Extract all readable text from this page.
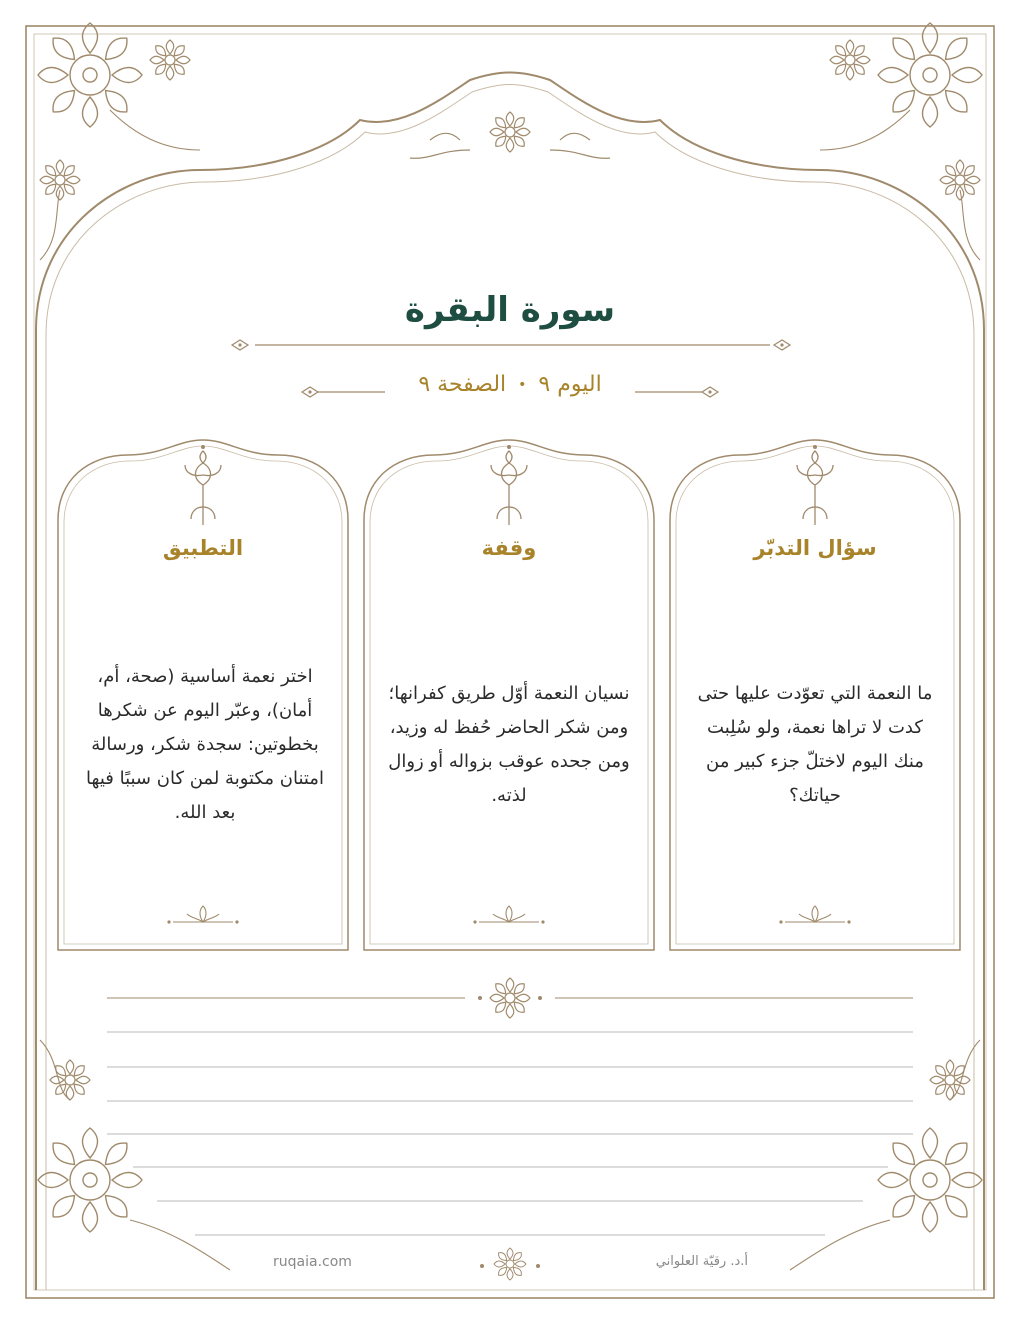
سورة البقرة
اليوم ٩•الصفحة ٩
سؤال التدبّر
وقفة
التطبيق
ما النعمة التي تعوّدت عليها حتى كدت لا تراها نعمة، ولو سُلِبت منك اليوم لاختلّ جزء كبير من حياتك؟
نسيان النعمة أوّل طريق كفرانها؛ ومن شكر الحاضر حُفظ له وزيد، ومن جحده عوقب بزواله أو زوال لذته.
اختر نعمة أساسية (صحة، أم، أمان)، وعبّر اليوم عن شكرها بخطوتين: سجدة شكر، ورسالة امتنان مكتوبة لمن كان سببًا فيها بعد الله.
ruqaia.com	أ.د. رقيّة العلواني
